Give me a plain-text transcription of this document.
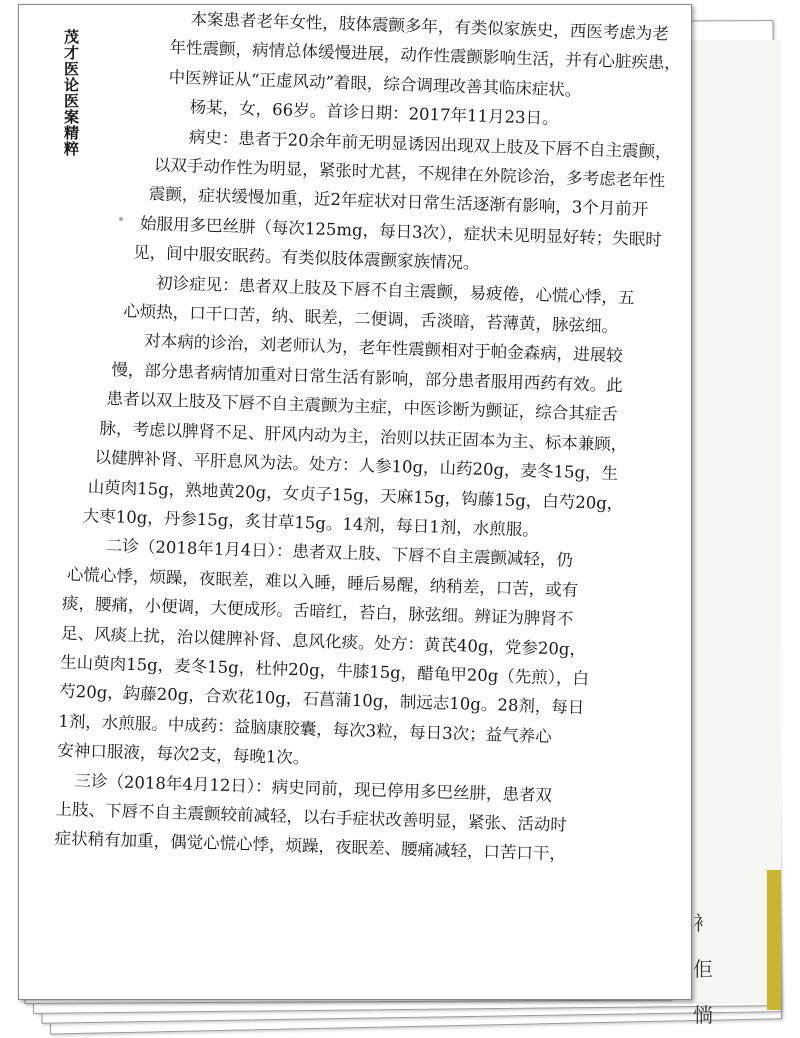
衤
佢
惝
茂才医论医案精粹

本案患者老年女性，肢体震颤多年，有类似家族史，西医考虑为老

年性震颤，病情总体缓慢进展，动作性震颤影响生活，并有心脏疾患，

中医辨证从“正虚风动”着眼，综合调理改善其临床症状。

杨某，女，66岁。首诊日期：2017年11月23日。

病史：患者于20余年前无明显诱因出现双上肢及下唇不自主震颤，

以双手动作性为明显，紧张时尤甚，不规律在外院诊治，多考虑老年性

震颤，症状缓慢加重，近2年症状对日常生活逐渐有影响，3个月前开

始服用多巴丝肼（每次125mg，每日3次），症状未见明显好转；失眠时

见，间中服安眠药。有类似肢体震颤家族情况。

初诊症见：患者双上肢及下唇不自主震颤，易疲倦，心慌心悸，五

心烦热，口干口苦，纳、眠差，二便调，舌淡暗，苔薄黄，脉弦细。

对本病的诊治，刘老师认为，老年性震颤相对于帕金森病，进展较

慢，部分患者病情加重对日常生活有影响，部分患者服用西药有效。此

患者以双上肢及下唇不自主震颤为主症，中医诊断为颤证，综合其症舌

脉，考虑以脾肾不足、肝风内动为主，治则以扶正固本为主、标本兼顾，

以健脾补肾、平肝息风为法。处方：人参10g，山药20g，麦冬15g，生

山萸肉15g，熟地黄20g，女贞子15g，天麻15g，钩藤15g，白芍20g，

大枣10g，丹参15g，炙甘草15g。14剂，每日1剂，水煎服。

二诊（2018年1月4日）：患者双上肢、下唇不自主震颤减轻，仍

心慌心悸，烦躁，夜眠差，难以入睡，睡后易醒，纳稍差，口苦，或有

痰，腰痛，小便调，大便成形。舌暗红，苔白，脉弦细。辨证为脾肾不

足、风痰上扰，治以健脾补肾、息风化痰。处方：黄芪40g，党参20g，

生山萸肉15g，麦冬15g，杜仲20g，牛膝15g，醋龟甲20g（先煎），白

芍20g，钩藤20g，合欢花10g，石菖蒲10g，制远志10g。28剂，每日

1剂，水煎服。中成药：益脑康胶囊，每次3粒，每日3次；益气养心

安神口服液，每次2支，每晚1次。

三诊（2018年4月12日）：病史同前，现已停用多巴丝肼，患者双

上肢、下唇不自主震颤较前减轻，以右手症状改善明显，紧张、活动时

症状稍有加重，偶觉心慌心悸，烦躁，夜眠差、腰痛减轻，口苦口干，
